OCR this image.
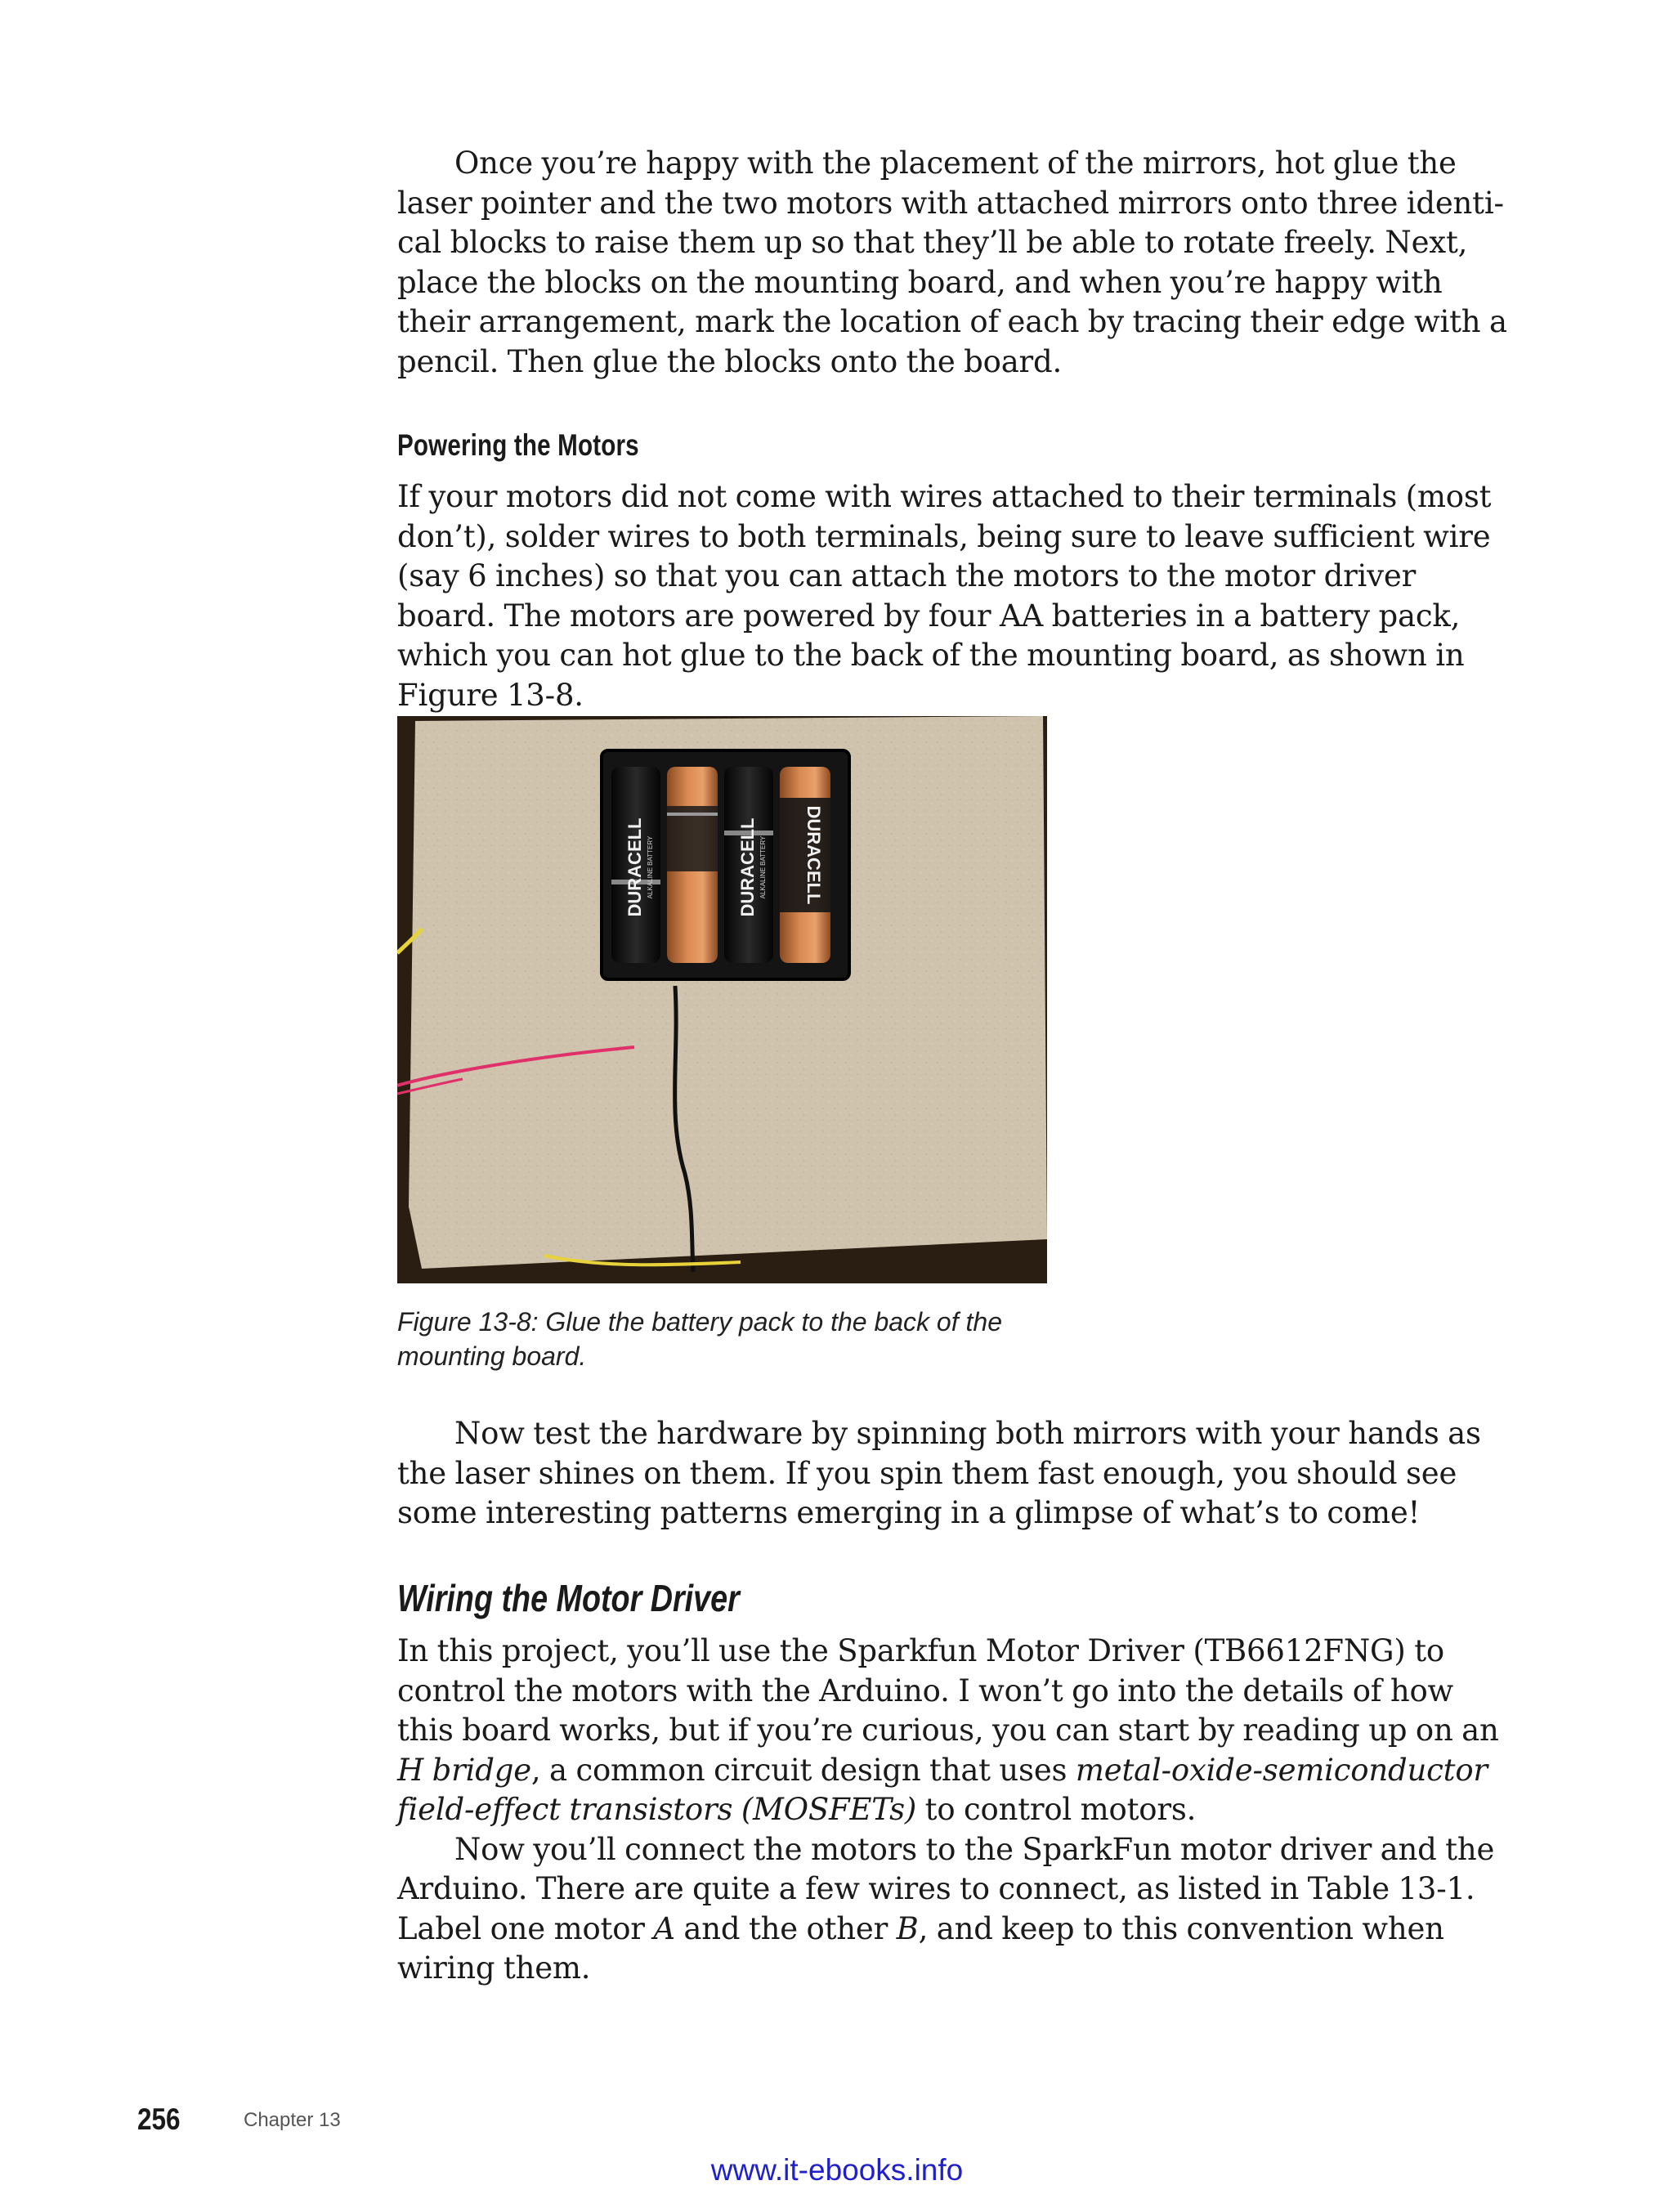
Once you’re happy with the placement of the mirrors, hot glue the laser pointer and the two motors with attached mirrors onto three identical blocks to raise them up so that they’ll be able to rotate freely. Next, place the blocks on the mounting board, and when you’re happy with their arrangement, mark the location of each by tracing their edge with a pencil. Then glue the blocks onto the board.

Powering the Motors

If your motors did not come with wires attached to their terminals (most don’t), solder wires to both terminals, being sure to leave sufficient wire (say 6 inches) so that you can attach the motors to the motor driver board. The motors are powered by four AA batteries in a battery pack, which you can hot glue to the back of the mounting board, as shown in Figure 13-8.

DURACELL ALKALINE BATTERY	DURACELL ALKALINE BATTERY DURACELL

Figure 13-8: Glue the battery pack to the back of the mounting board.

Now test the hardware by spinning both mirrors with your hands as the laser shines on them. If you spin them fast enough, you should see some interesting patterns emerging in a glimpse of what’s to come!

Wiring the Motor Driver

In this project, you’ll use the Sparkfun Motor Driver (TB6612FNG) to control the motors with the Arduino. I won’t go into the details of how this board works, but if you’re curious, you can start by reading up on an H bridge, a common circuit design that uses metal-oxide-semiconductor field-effect transistors (MOSFETs) to control motors.

Now you’ll connect the motors to the SparkFun motor driver and the Arduino. There are quite a few wires to connect, as listed in Table 13-1. Label one motor A and the other B, and keep to this convention when wiring them.

256	Chapter 13
www.it-ebooks.info
